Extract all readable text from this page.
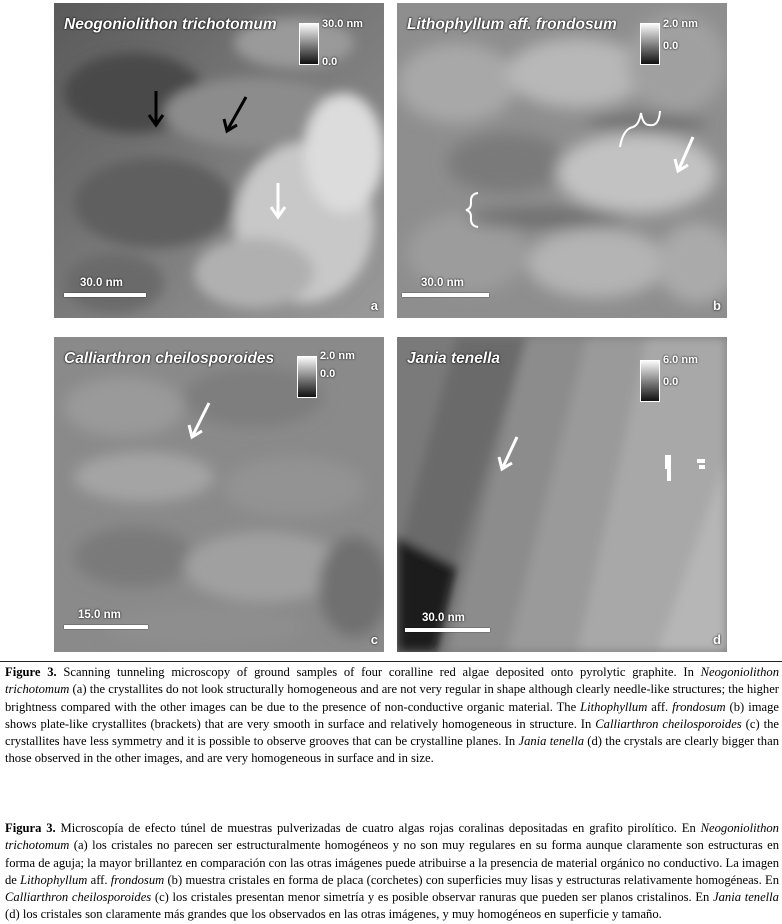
Neogoniolithon trichotomum	30.0 nm
0.0
30.0 nm
a
Lithophyllum aff. frondosum	2.0 nm
0.0
30.0 nm
b
Calliarthron cheilosporoides	2.0 nm
0.0
15.0 nm
c
Jania tenella	6.0 nm
0.0
30.0 nm
d
Figure 3. Scanning tunneling microscopy of ground samples of four coralline red algae deposited onto pyrolytic graphite. In Neogoniolithon trichotomum (a) the crystallites do not look structurally homogeneous and are not very regular in shape although clearly needle-like structures; the higher brightness compared with the other images can be due to the presence of non-conductive organic material. The Lithophyllum aff. frondosum (b) image shows plate-like crystallites (brackets) that are very smooth in surface and relatively homogeneous in structure. In Calliarthron cheilosporoides (c) the crystallites have less symmetry and it is possible to observe grooves that can be crystalline planes. In Jania tenella (d) the crystals are clearly bigger than those observed in the other images, and are very homogeneous in surface and in size.
Figura 3. Microscopía de efecto túnel de muestras pulverizadas de cuatro algas rojas coralinas depositadas en grafito pirolítico. En Neogoniolithon trichotomum (a) los cristales no parecen ser estructuralmente homogéneos y no son muy regulares en su forma aunque claramente son estructuras en forma de aguja; la mayor brillantez en comparación con las otras imágenes puede atribuirse a la presencia de material orgánico no conductivo. La imagen de Lithophyllum aff. frondosum (b) muestra cristales en forma de placa (corchetes) con superficies muy lisas y estructuras relativamente homogéneas. En Calliarthron cheilosporoides (c) los cristales presentan menor simetría y es posible observar ranuras que pueden ser planos cristalinos. En Jania tenella (d) los cristales son claramente más grandes que los observados en las otras imágenes, y muy homogéneos en superficie y tamaño.
